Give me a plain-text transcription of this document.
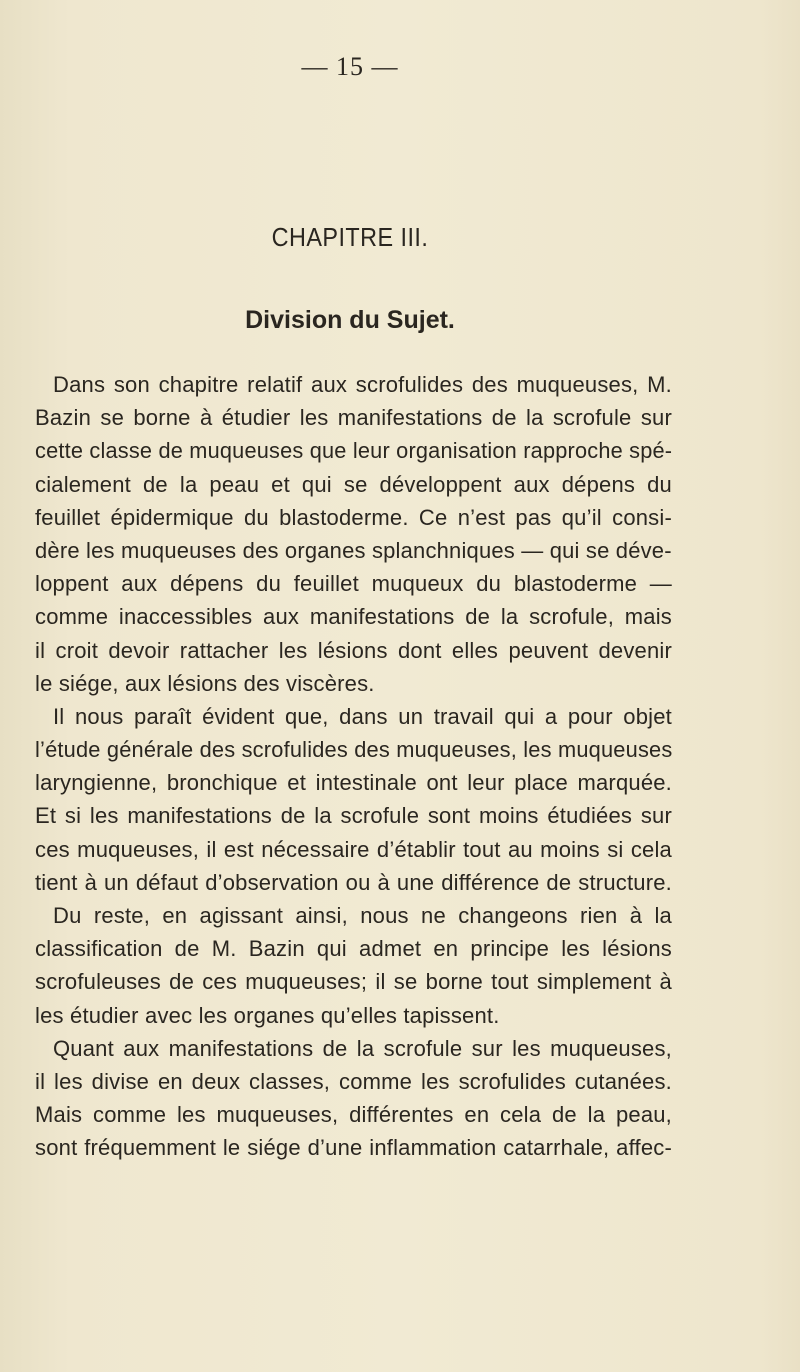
— 15 —
CHAPITRE III.
Division du Sujet.
Dans son chapitre relatif aux scrofulides des muqueuses, M.
Bazin se borne à étudier les manifestations de la scrofule sur
cette classe de muqueuses que leur organisation rapproche spé-
cialement de la peau et qui se développent aux dépens du
feuillet épidermique du blastoderme. Ce n’est pas qu’il consi-
dère les muqueuses des organes splanchniques — qui se déve-
loppent aux dépens du feuillet muqueux du blastoderme —
comme inaccessibles aux manifestations de la scrofule, mais
il croit devoir rattacher les lésions dont elles peuvent devenir
le siége, aux lésions des viscères.
Il nous paraît évident que, dans un travail qui a pour objet
l’étude générale des scrofulides des muqueuses, les muqueuses
laryngienne, bronchique et intestinale ont leur place marquée.
Et si les manifestations de la scrofule sont moins étudiées sur
ces muqueuses, il est nécessaire d’établir tout au moins si cela
tient à un défaut d’observation ou à une différence de structure.
Du reste, en agissant ainsi, nous ne changeons rien à la
classification de M. Bazin qui admet en principe les lésions
scrofuleuses de ces muqueuses; il se borne tout simplement à
les étudier avec les organes qu’elles tapissent.
Quant aux manifestations de la scrofule sur les muqueuses,
il les divise en deux classes, comme les scrofulides cutanées.
Mais comme les muqueuses, différentes en cela de la peau,
sont fréquemment le siége d’une inflammation catarrhale, affec-
